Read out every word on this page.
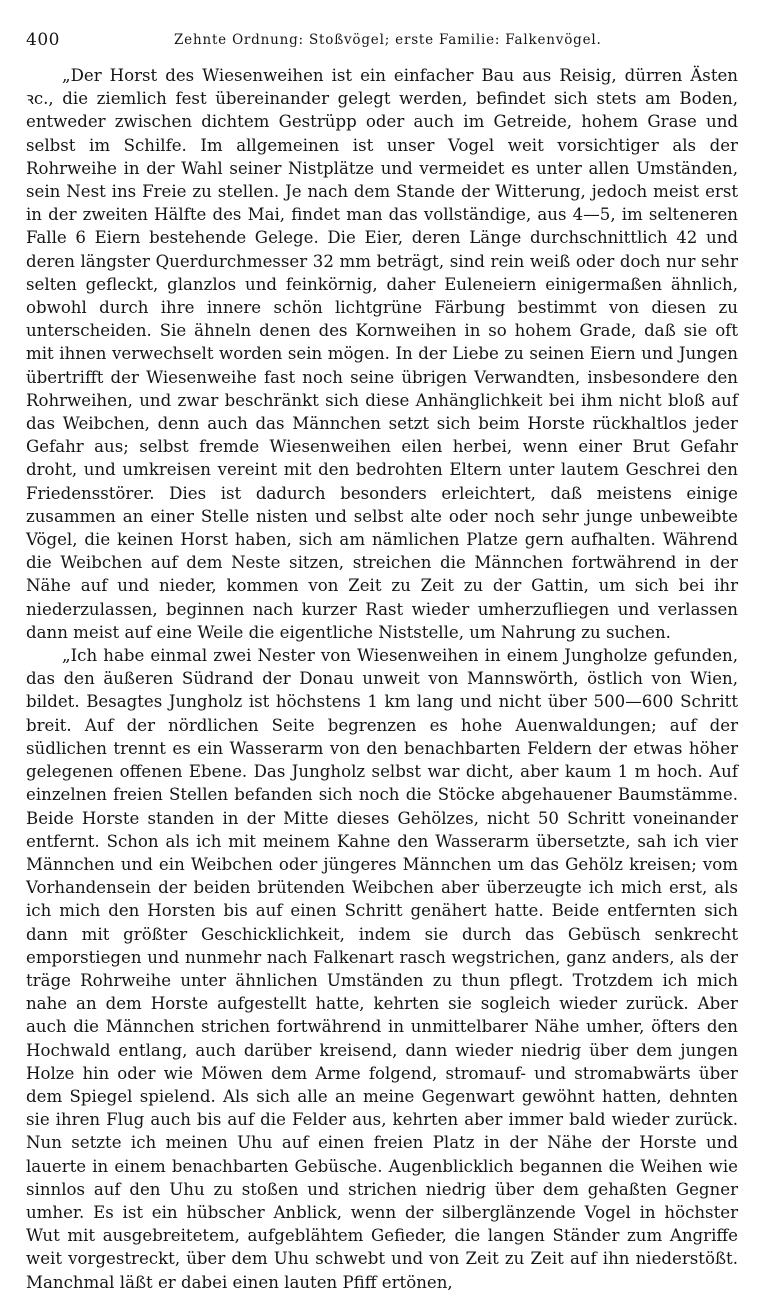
400	Zehnte Ordnung: Stoßvögel; erste Familie: Falkenvögel.

„Der Horst des Wiesenweihen ist ein einfacher Bau aus Reisig, dürren Ästen ꝛc., die ziemlich fest übereinander gelegt werden, befindet sich stets am Boden, entweder zwischen dichtem Gestrüpp oder auch im Getreide, hohem Grase und selbst im Schilfe. Im allgemeinen ist unser Vogel weit vorsichtiger als der Rohrweihe in der Wahl seiner Nistplätze und vermeidet es unter allen Umständen, sein Nest ins Freie zu stellen. Je nach dem Stande der Witterung, jedoch meist erst in der zweiten Hälfte des Mai, findet man das vollständige, aus 4—5, im selteneren Falle 6 Eiern bestehende Gelege. Die Eier, deren Länge durchschnittlich 42 und deren längster Querdurchmesser 32 mm beträgt, sind rein weiß oder doch nur sehr selten gefleckt, glanzlos und feinkörnig, daher Euleneiern einigermaßen ähnlich, obwohl durch ihre innere schön lichtgrüne Färbung bestimmt von diesen zu unterscheiden. Sie ähneln denen des Kornweihen in so hohem Grade, daß sie oft mit ihnen verwechselt worden sein mögen. In der Liebe zu seinen Eiern und Jungen übertrifft der Wiesenweihe fast noch seine übrigen Verwandten, insbesondere den Rohrweihen, und zwar beschränkt sich diese Anhänglichkeit bei ihm nicht bloß auf das Weibchen, denn auch das Männchen setzt sich beim Horste rückhaltlos jeder Gefahr aus; selbst fremde Wiesenweihen eilen herbei, wenn einer Brut Gefahr droht, und umkreisen vereint mit den bedrohten Eltern unter lautem Geschrei den Friedensstörer. Dies ist dadurch besonders erleichtert, daß meistens einige zusammen an einer Stelle nisten und selbst alte oder noch sehr junge unbeweibte Vögel, die keinen Horst haben, sich am nämlichen Platze gern aufhalten. Während die Weibchen auf dem Neste sitzen, streichen die Männchen fortwährend in der Nähe auf und nieder, kommen von Zeit zu Zeit zu der Gattin, um sich bei ihr niederzulassen, beginnen nach kurzer Rast wieder umherzufliegen und verlassen dann meist auf eine Weile die eigentliche Niststelle, um Nahrung zu suchen.

„Ich habe einmal zwei Nester von Wiesenweihen in einem Jungholze gefunden, das den äußeren Südrand der Donau unweit von Mannswörth, östlich von Wien, bildet. Besagtes Jungholz ist höchstens 1 km lang und nicht über 500—600 Schritt breit. Auf der nördlichen Seite begrenzen es hohe Auenwaldungen; auf der südlichen trennt es ein Wasserarm von den benachbarten Feldern der etwas höher gelegenen offenen Ebene. Das Jungholz selbst war dicht, aber kaum 1 m hoch. Auf einzelnen freien Stellen befanden sich noch die Stöcke abgehauener Baumstämme. Beide Horste standen in der Mitte dieses Gehölzes, nicht 50 Schritt voneinander entfernt. Schon als ich mit meinem Kahne den Wasserarm übersetzte, sah ich vier Männchen und ein Weibchen oder jüngeres Männchen um das Gehölz kreisen; vom Vorhandensein der beiden brütenden Weibchen aber überzeugte ich mich erst, als ich mich den Horsten bis auf einen Schritt genähert hatte. Beide entfernten sich dann mit größter Geschicklichkeit, indem sie durch das Gebüsch senkrecht emporstiegen und nunmehr nach Falkenart rasch wegstrichen, ganz anders, als der träge Rohrweihe unter ähnlichen Umständen zu thun pflegt. Trotzdem ich mich nahe an dem Horste aufgestellt hatte, kehrten sie sogleich wieder zurück. Aber auch die Männchen strichen fortwährend in unmittelbarer Nähe umher, öfters den Hochwald entlang, auch darüber kreisend, dann wieder niedrig über dem jungen Holze hin oder wie Möwen dem Arme folgend, stromauf- und stromabwärts über dem Spiegel spielend. Als sich alle an meine Gegenwart gewöhnt hatten, dehnten sie ihren Flug auch bis auf die Felder aus, kehrten aber immer bald wieder zurück. Nun setzte ich meinen Uhu auf einen freien Platz in der Nähe der Horste und lauerte in einem benachbarten Gebüsche. Augenblicklich begannen die Weihen wie sinnlos auf den Uhu zu stoßen und strichen niedrig über dem gehaßten Gegner umher. Es ist ein hübscher Anblick, wenn der silberglänzende Vogel in höchster Wut mit ausgebreitetem, aufgeblähtem Gefieder, die langen Ständer zum Angriffe weit vorgestreckt, über dem Uhu schwebt und von Zeit zu Zeit auf ihn niederstößt. Manchmal läßt er dabei einen lauten Pfiff ertönen,
